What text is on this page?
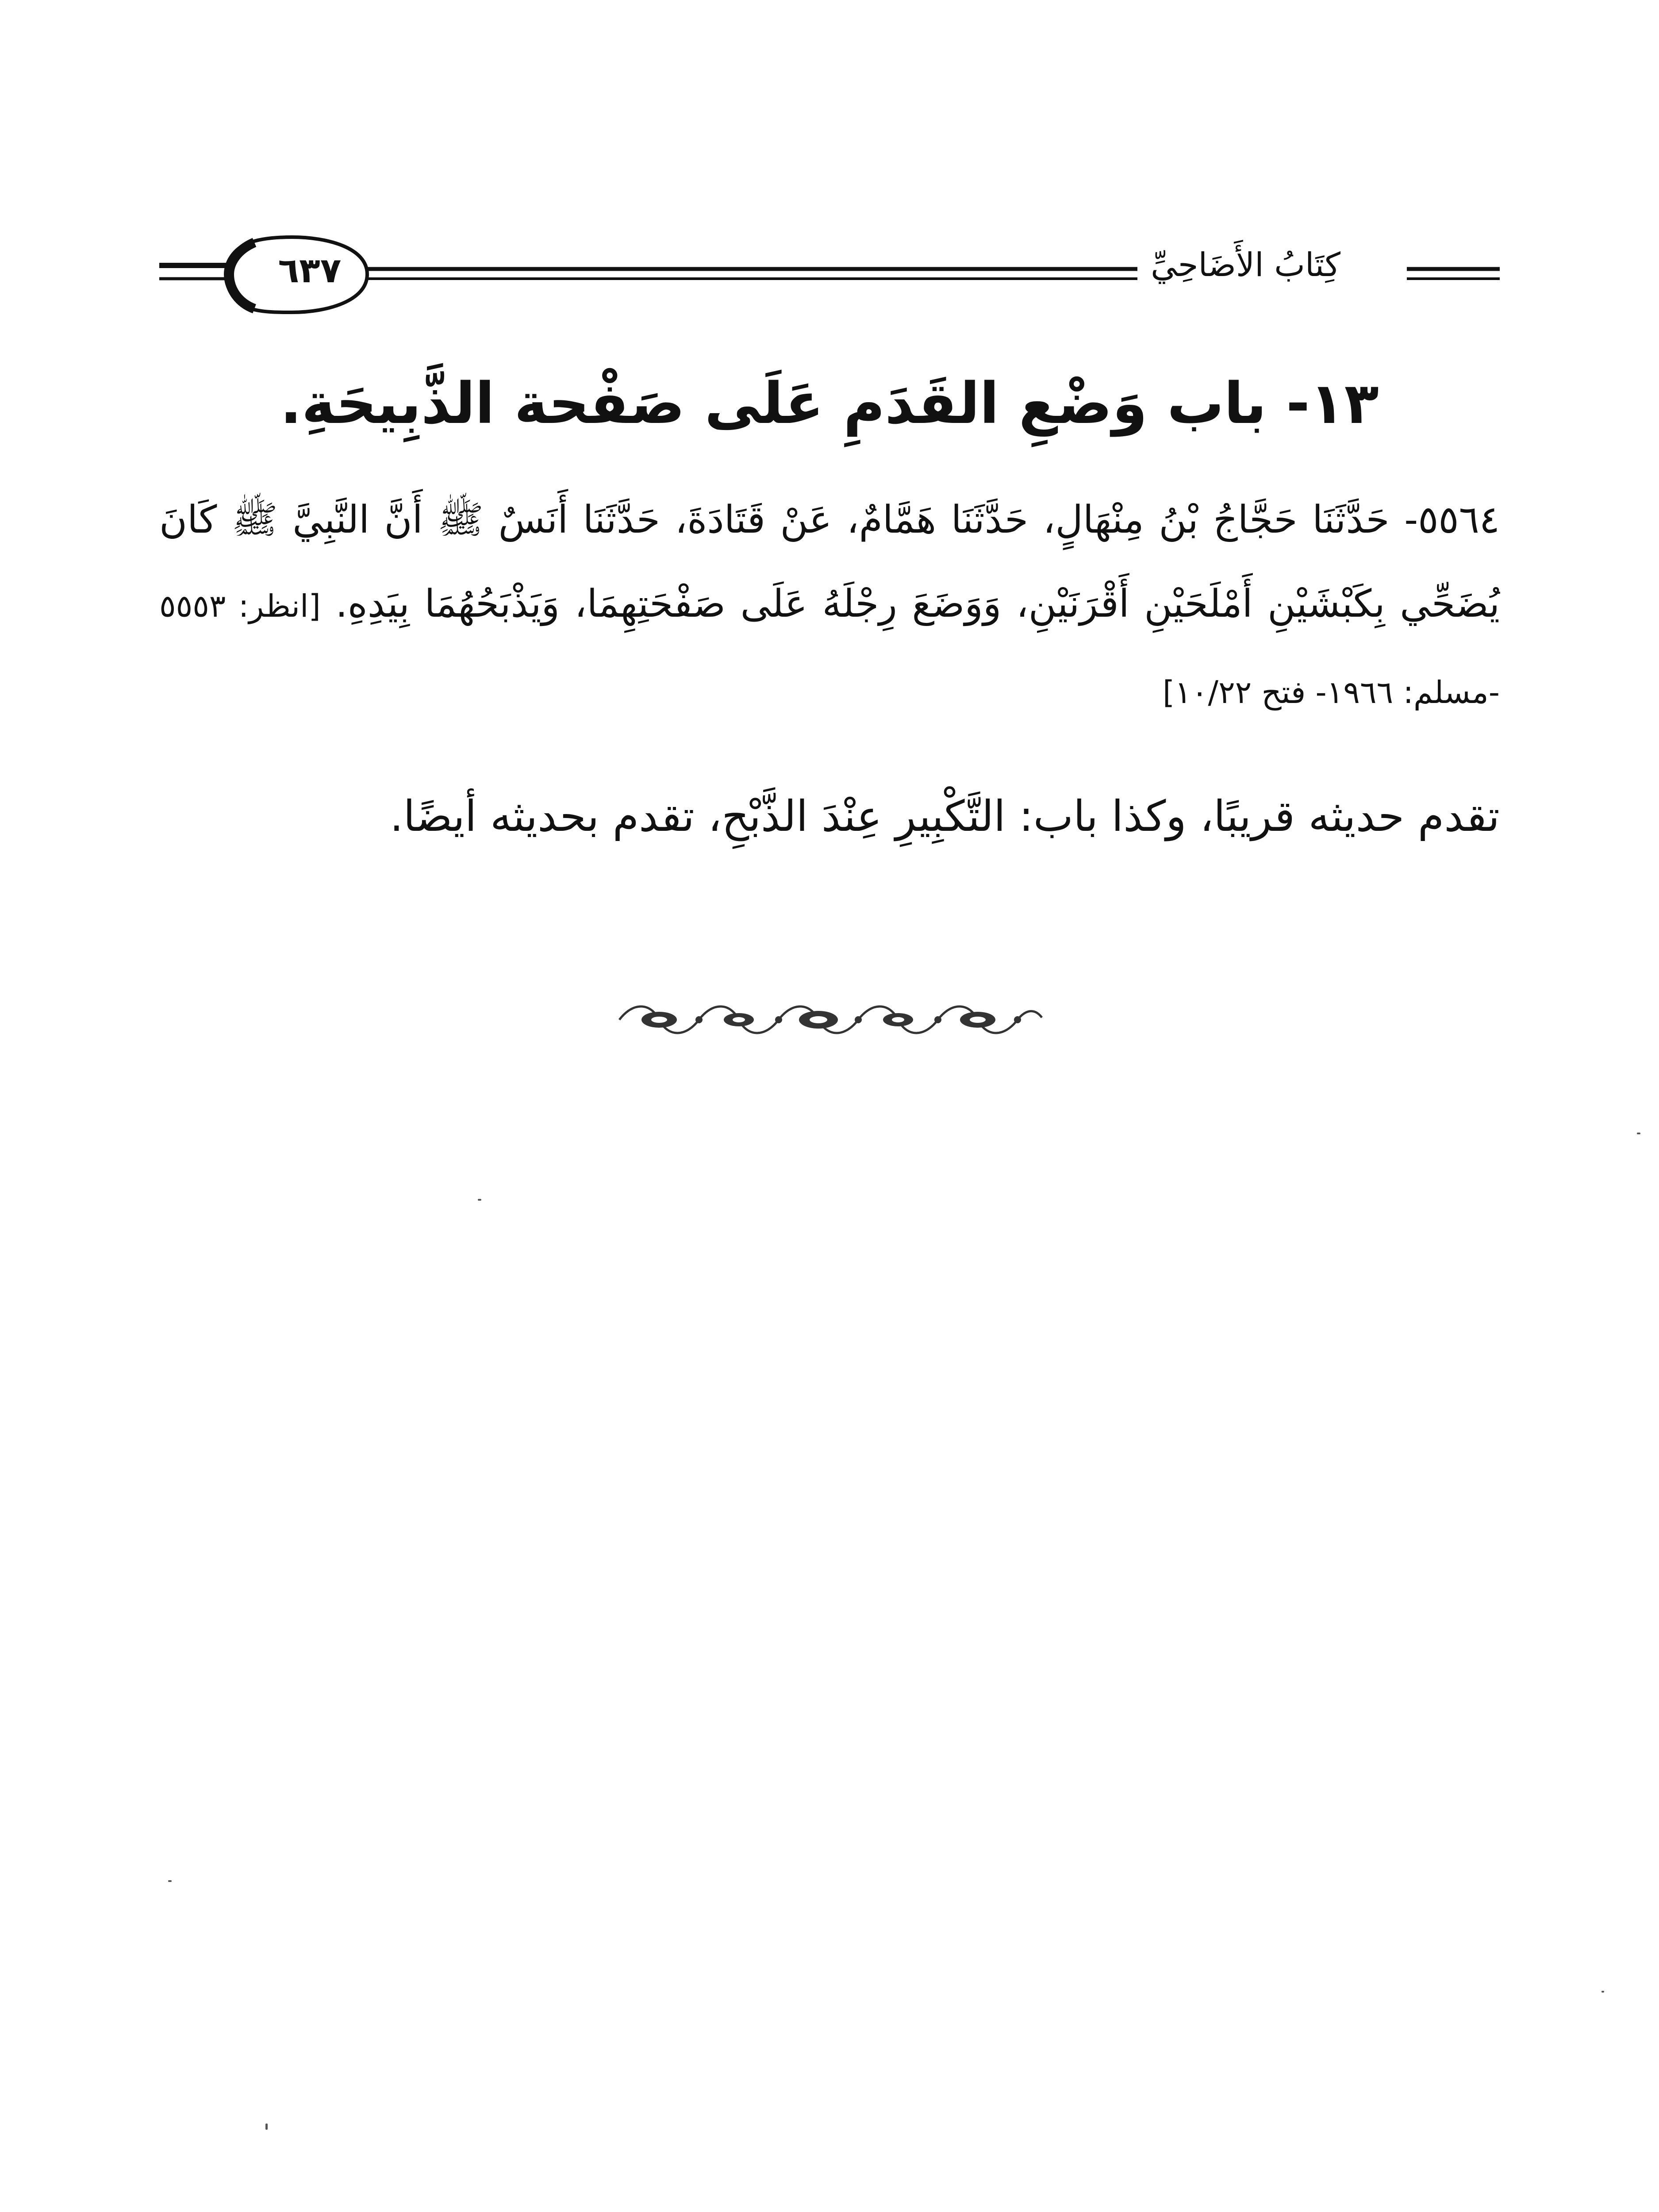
كِتَابُ الأَضَاحِيِّ
٦٣٧
١٣- باب وَضْعِ القَدَمِ عَلَى صَفْحة الذَّبِيحَةِ.
٥٥٦٤- حَدَّثَنَا حَجَّاجُ بْنُ مِنْهَالٍ، حَدَّثَنَا هَمَّامٌ، عَنْ قَتَادَةَ، حَدَّثَنَا أَنَسٌ ﷺ أَنَّ النَّبِيَّ ﷺ كَانَ يُضَحِّي بِكَبْشَيْنِ أَمْلَحَيْنِ أَقْرَنَيْنِ، وَوَضَعَ رِجْلَهُ عَلَى صَفْحَتِهِمَا، وَيَذْبَحُهُمَا بِيَدِهِ. [انظر: ٥٥٥٣ -مسلم: ١٩٦٦- فتح ١٠/٢٢]
تقدم حديثه قريبًا، وكذا باب: التَّكْبِيرِ عِنْدَ الذَّبْحِ، تقدم بحديثه أيضًا.
